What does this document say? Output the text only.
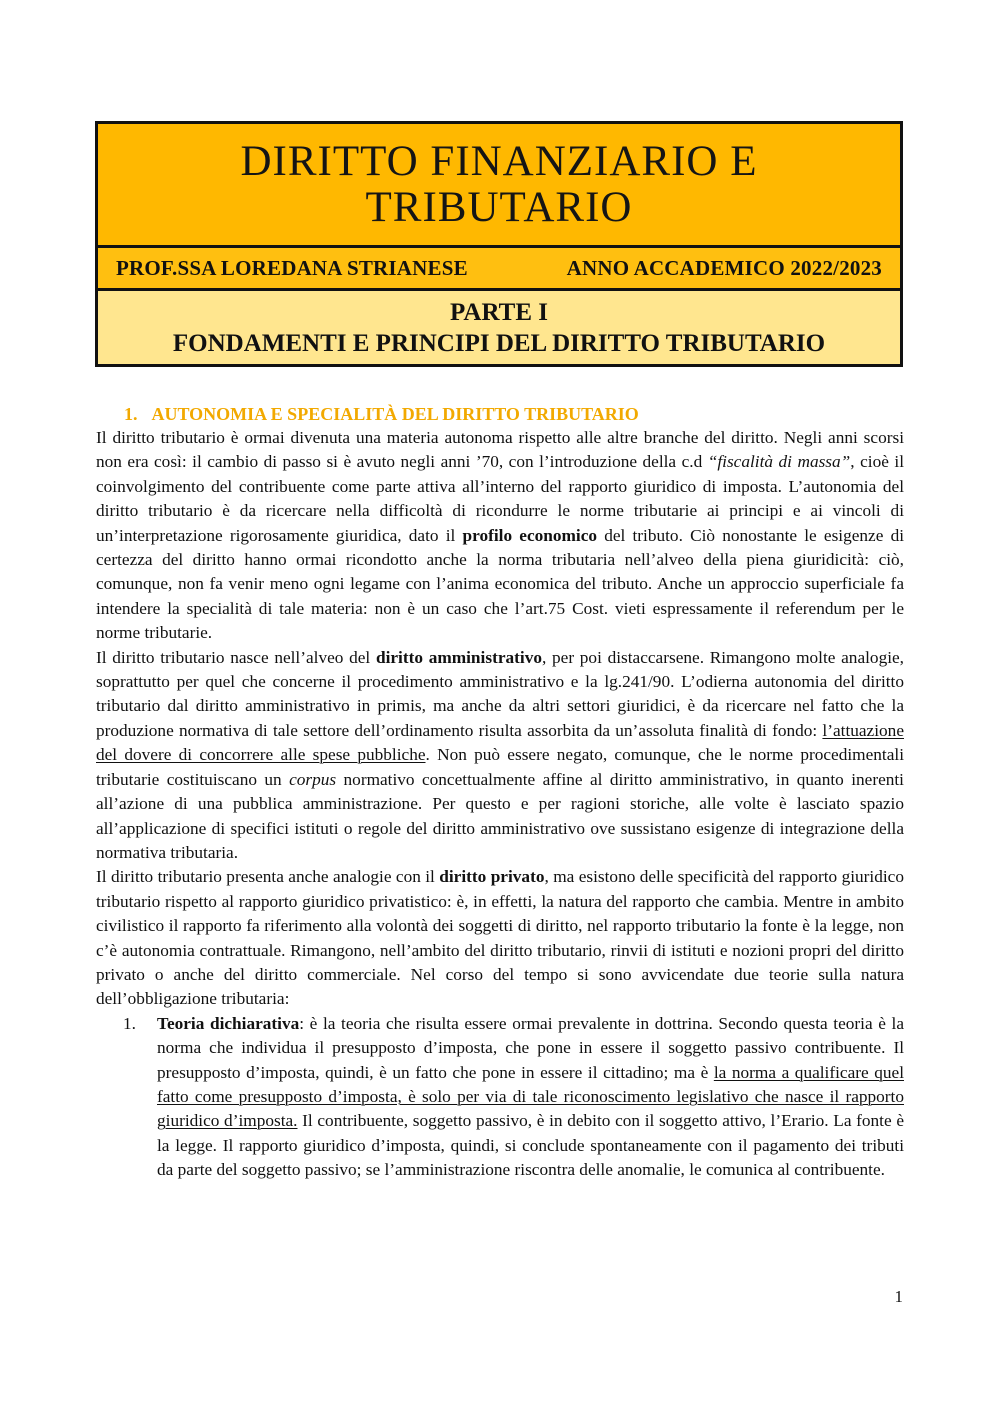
DIRITTO FINANZIARIO E
TRIBUTARIO
PROF.SSA LOREDANA STRIANESE	ANNO ACCADEMICO 2022/2023
PARTE I
FONDAMENTI E PRINCIPI DEL DIRITTO TRIBUTARIO
1. AUTONOMIA E SPECIALITÀ DEL DIRITTO TRIBUTARIO

Il diritto tributario è ormai divenuta una materia autonoma rispetto alle altre branche del diritto. Negli anni scorsi non era così: il cambio di passo si è avuto negli anni ’70, con l’introduzione della c.d “fiscalità di massa”, cioè il coinvolgimento del contribuente come parte attiva all’interno del rapporto giuridico di imposta. L’autonomia del diritto tributario è da ricercare nella difficoltà di ricondurre le norme tributarie ai principi e ai vincoli di un’interpretazione rigorosamente giuridica, dato il profilo economico del tributo. Ciò nonostante le esigenze di certezza del diritto hanno ormai ricondotto anche la norma tributaria nell’alveo della piena giuridicità: ciò, comunque, non fa venir meno ogni legame con l’anima economica del tributo. Anche un approccio superficiale fa intendere la specialità di tale materia: non è un caso che l’art.75 Cost. vieti espressamente il referendum per le norme tributarie.

Il diritto tributario nasce nell’alveo del diritto amministrativo, per poi distaccarsene. Rimangono molte analogie, soprattutto per quel che concerne il procedimento amministrativo e la lg.241/90. L’odierna autonomia del diritto tributario dal diritto amministrativo in primis, ma anche da altri settori giuridici, è da ricercare nel fatto che la produzione normativa di tale settore dell’ordinamento risulta assorbita da un’assoluta finalità di fondo: l’attuazione del dovere di concorrere alle spese pubbliche. Non può essere negato, comunque, che le norme procedimentali tributarie costituiscano un corpus normativo concettualmente affine al diritto amministrativo, in quanto inerenti all’azione di una pubblica amministrazione. Per questo e per ragioni storiche, alle volte è lasciato spazio all’applicazione di specifici istituti o regole del diritto amministrativo ove sussistano esigenze di integrazione della normativa tributaria.

Il diritto tributario presenta anche analogie con il diritto privato, ma esistono delle specificità del rapporto giuridico tributario rispetto al rapporto giuridico privatistico: è, in effetti, la natura del rapporto che cambia. Mentre in ambito civilistico il rapporto fa riferimento alla volontà dei soggetti di diritto, nel rapporto tributario la fonte è la legge, non c’è autonomia contrattuale. Rimangono, nell’ambito del diritto tributario, rinvii di istituti e nozioni propri del diritto privato o anche del diritto commerciale. Nel corso del tempo si sono avvicendate due teorie sulla natura dell’obbligazione tributaria:

1.	Teoria dichiarativa: è la teoria che risulta essere ormai prevalente in dottrina. Secondo questa teoria è la norma che individua il presupposto d’imposta, che pone in essere il soggetto passivo contribuente. Il presupposto d’imposta, quindi, è un fatto che pone in essere il cittadino; ma è la norma a qualificare quel fatto come presupposto d’imposta, è solo per via di tale riconoscimento legislativo che nasce il rapporto giuridico d’imposta. Il contribuente, soggetto passivo, è in debito con il soggetto attivo, l’Erario. La fonte è la legge. Il rapporto giuridico d’imposta, quindi, si conclude spontaneamente con il pagamento dei tributi da parte del soggetto passivo; se l’amministrazione riscontra delle anomalie, le comunica al contribuente.
1
